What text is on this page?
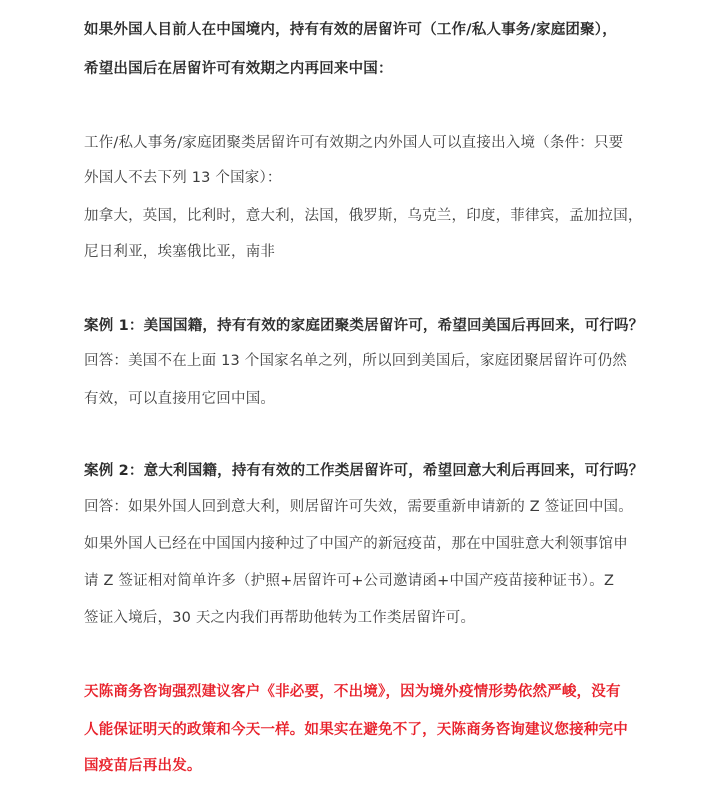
如果外国人目前人在中国境内，持有有效的居留许可（工作/私人事务/家庭团聚），
希望出国后在居留许可有效期之内再回来中国：
工作/私人事务/家庭团聚类居留许可有效期之内外国人可以直接出入境（条件：只要
外国人不去下列 13 个国家）：
加拿大，英国，比利时，意大利，法国，俄罗斯，乌克兰，印度，菲律宾，孟加拉国，
尼日利亚，埃塞俄比亚，南非
案例 1：美国国籍，持有有效的家庭团聚类居留许可，希望回美国后再回来，可行吗？
回答：美国不在上面 13 个国家名单之列，所以回到美国后，家庭团聚居留许可仍然
有效，可以直接用它回中国。
案例 2：意大利国籍，持有有效的工作类居留许可，希望回意大利后再回来，可行吗？
回答：如果外国人回到意大利，则居留许可失效，需要重新申请新的 Z 签证回中国。
如果外国人已经在中国国内接种过了中国产的新冠疫苗，那在中国驻意大利领事馆申
请 Z 签证相对简单许多（护照+居留许可+公司邀请函+中国产疫苗接种证书）。Z
签证入境后，30 天之内我们再帮助他转为工作类居留许可。
天陈商务咨询强烈建议客户《非必要，不出境》，因为境外疫情形势依然严峻，没有
人能保证明天的政策和今天一样。如果实在避免不了，天陈商务咨询建议您接种完中
国疫苗后再出发。
